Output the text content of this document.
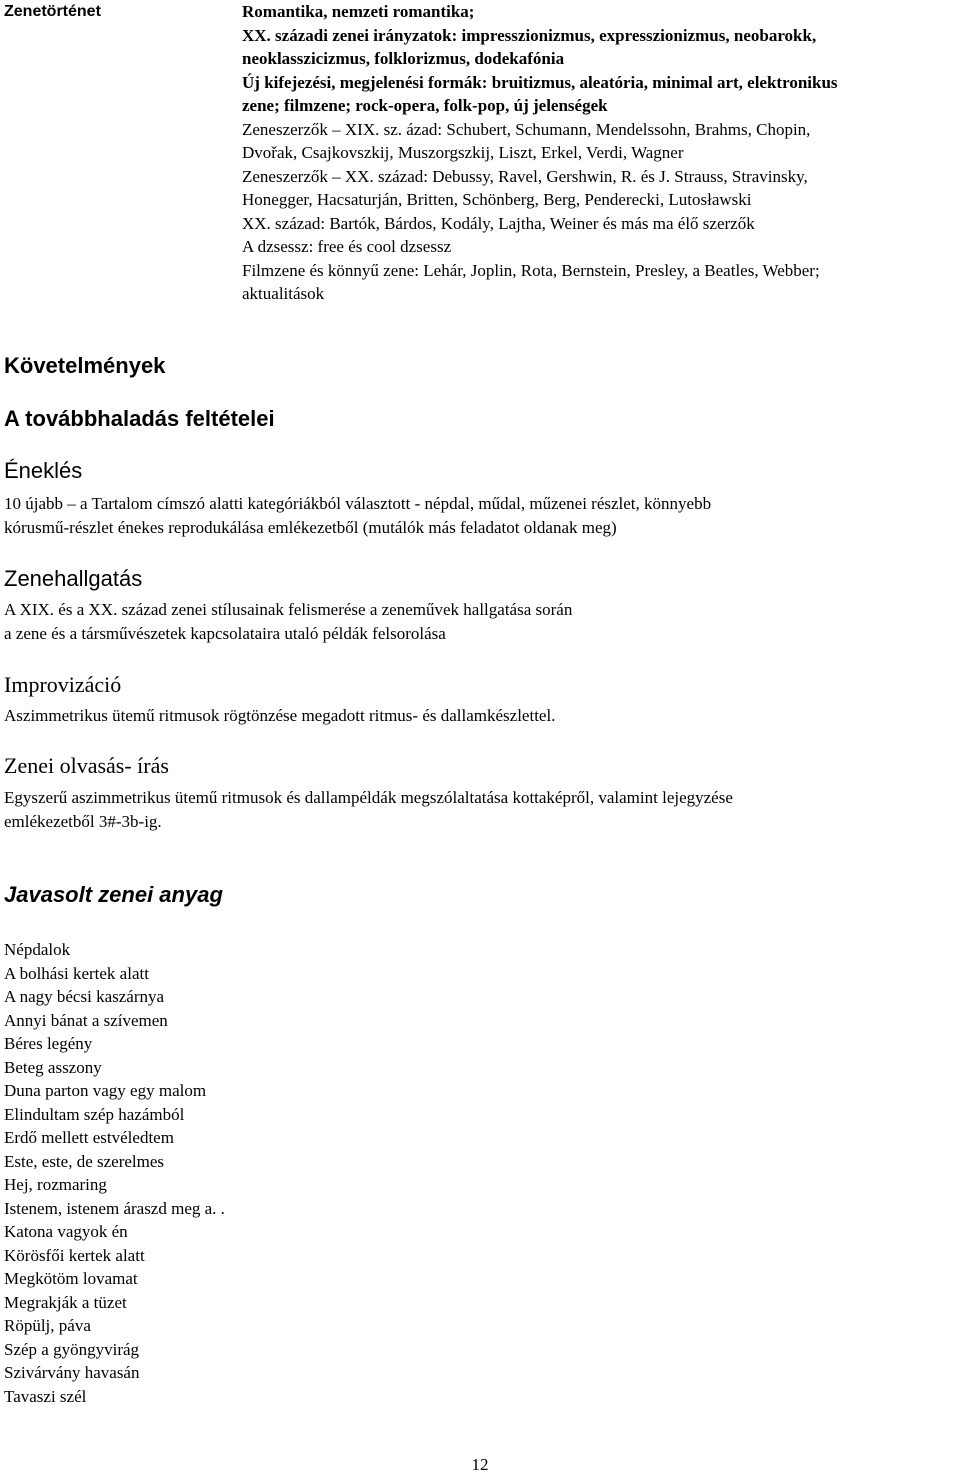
Zenetörténet	Romantika, nemzeti romantika;
XX. századi zenei irányzatok: impresszionizmus, expresszionizmus, neobarokk,
neoklasszicizmus, folklorizmus, dodekafónia
Új kifejezési, megjelenési formák: bruitizmus, aleatória, minimal art, elektronikus
zene; filmzene; rock-opera, folk-pop, új jelenségek
Zeneszerzők – XIX. sz. ázad: Schubert, Schumann, Mendelssohn, Brahms, Chopin,
Dvořak, Csajkovszkij, Muszorgszkij, Liszt, Erkel, Verdi, Wagner
Zeneszerzők – XX. század: Debussy, Ravel, Gershwin, R. és J. Strauss, Stravinsky,
Honegger, Hacsaturján, Britten, Schönberg, Berg, Penderecki, Lutosławski
XX. század: Bartók, Bárdos, Kodály, Lajtha, Weiner és más ma élő szerzők
A dzsessz: free és cool dzsessz
Filmzene és könnyű zene: Lehár, Joplin, Rota, Bernstein, Presley, a Beatles, Webber;
aktualitások
Követelmények
A továbbhaladás feltételei
Éneklés
10 újabb – a Tartalom címszó alatti kategóriákból választott - népdal, műdal, műzenei részlet, könnyebb
kórusmű-részlet énekes reprodukálása emlékezetből (mutálók más feladatot oldanak meg)
Zenehallgatás
A XIX. és a XX. század zenei stílusainak felismerése a zeneművek hallgatása során
a zene és a társművészetek kapcsolataira utaló példák felsorolása
Improvizáció
Aszimmetrikus ütemű ritmusok rögtönzése megadott ritmus- és dallamkészlettel.
Zenei olvasás- írás
Egyszerű aszimmetrikus ütemű ritmusok és dallampéldák megszólaltatása kottaképről, valamint lejegyzése
emlékezetből 3#-3b-ig.
Javasolt zenei anyag
Népdalok
A bolhási kertek alatt
A nagy bécsi kaszárnya
Annyi bánat a szívemen
Béres legény
Beteg asszony
Duna parton vagy egy malom
Elindultam szép hazámból
Erdő mellett estvéledtem
Este, este, de szerelmes
Hej, rozmaring
Istenem, istenem áraszd meg a. .
Katona vagyok én
Körösfői kertek alatt
Megkötöm lovamat
Megrakják a tüzet
Röpülj, páva
Szép a gyöngyvirág
Szivárvány havasán
Tavaszi szél
12
